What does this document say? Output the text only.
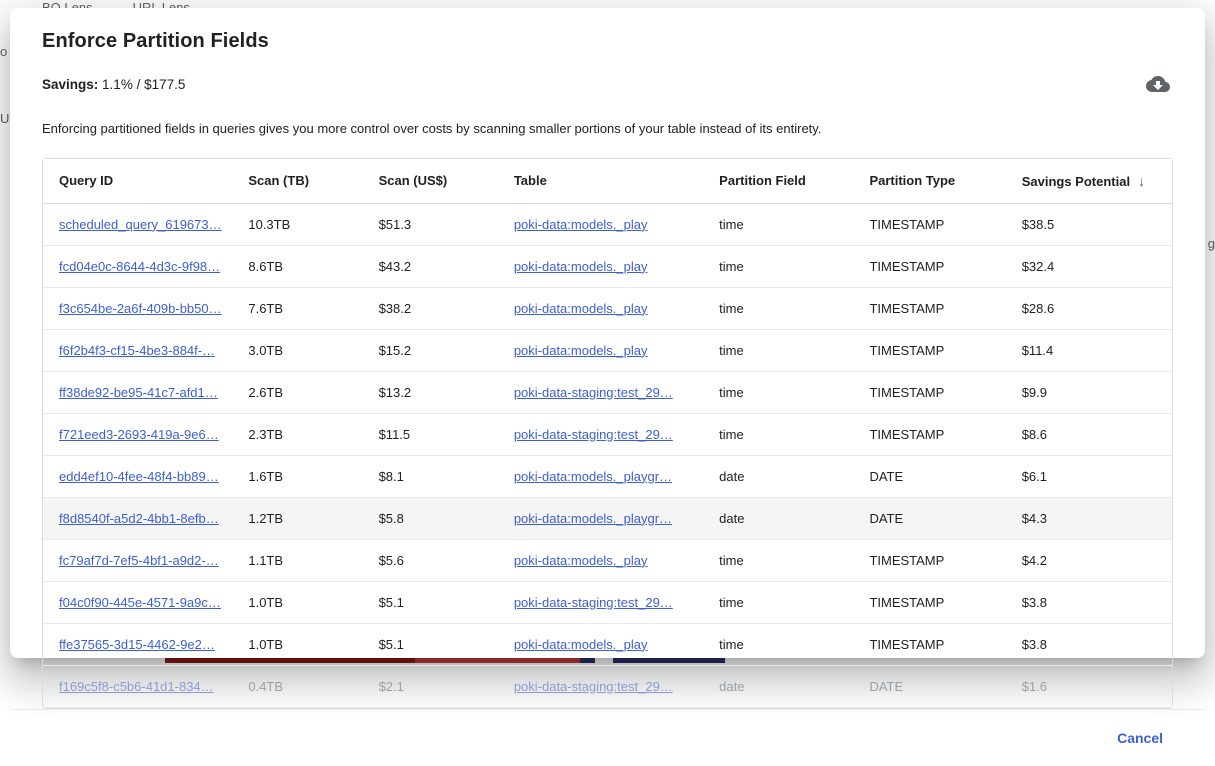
o
U
g
Enforce Partition Fields
Savings: 1.1% / $177.5
Enforcing partitioned fields in queries gives you more control over costs by scanning smaller portions of your table instead of its entirety.
Query ID	Scan (TB)	Scan (US$)	Table	Partition Field	Partition Type	Savings Potential ↓
scheduled_query_619673…	10.3TB	$51.3	poki-data:models._play	time	TIMESTAMP	$38.5
fcd04e0c-8644-4d3c-9f98…	8.6TB	$43.2	poki-data:models._play	time	TIMESTAMP	$32.4
f3c654be-2a6f-409b-bb50…	7.6TB	$38.2	poki-data:models._play	time	TIMESTAMP	$28.6
f6f2b4f3-cf15-4be3-884f-…	3.0TB	$15.2	poki-data:models._play	time	TIMESTAMP	$11.4
ff38de92-be95-41c7-afd1…	2.6TB	$13.2	poki-data-staging:test_29…	time	TIMESTAMP	$9.9
f721eed3-2693-419a-9e6…	2.3TB	$11.5	poki-data-staging:test_29…	time	TIMESTAMP	$8.6
edd4ef10-4fee-48f4-bb89…	1.6TB	$8.1	poki-data:models._playgr…	date	DATE	$6.1
f8d8540f-a5d2-4bb1-8efb…	1.2TB	$5.8	poki-data:models._playgr…	date	DATE	$4.3
fc79af7d-7ef5-4bf1-a9d2-…	1.1TB	$5.6	poki-data:models._play	time	TIMESTAMP	$4.2
f04c0f90-445e-4571-9a9c…	1.0TB	$5.1	poki-data-staging:test_29…	time	TIMESTAMP	$3.8
ffe37565-3d15-4462-9e2…	1.0TB	$5.1	poki-data:models._play	time	TIMESTAMP	$3.8
f169c5f8-c5b6-41d1-834…	0.4TB	$2.1	poki-data-staging:test_29…	date	DATE	$1.6
Cancel
